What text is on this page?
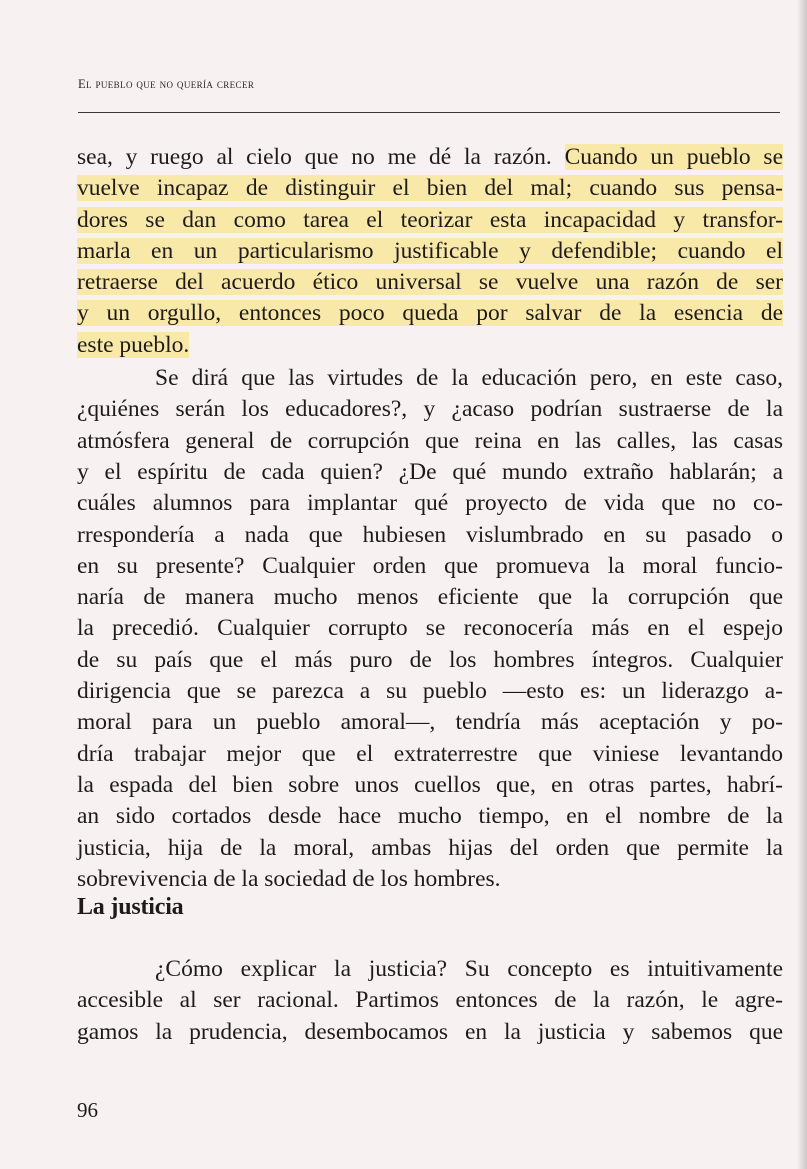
El pueblo que no quería crecer
sea, y ruego al cielo que no me dé la razón. Cuando un pueblo se
vuelve incapaz de distinguir el bien del mal; cuando sus pensa-
dores se dan como tarea el teorizar esta incapacidad y transfor-
marla en un particularismo justificable y defendible; cuando el
retraerse del acuerdo ético universal se vuelve una razón de ser
y un orgullo, entonces poco queda por salvar de la esencia de
este pueblo.
Se dirá que las virtudes de la educación pero, en este caso,
¿quiénes serán los educadores?, y ¿acaso podrían sustraerse de la
atmósfera general de corrupción que reina en las calles, las casas
y el espíritu de cada quien? ¿De qué mundo extraño hablarán; a
cuáles alumnos para implantar qué proyecto de vida que no co-
rrespondería a nada que hubiesen vislumbrado en su pasado o
en su presente? Cualquier orden que promueva la moral funcio-
naría de manera mucho menos eficiente que la corrupción que
la precedió. Cualquier corrupto se reconocería más en el espejo
de su país que el más puro de los hombres íntegros. Cualquier
dirigencia que se parezca a su pueblo —esto es: un liderazgo a-
moral para un pueblo amoral—, tendría más aceptación y po-
dría trabajar mejor que el extraterrestre que viniese levantando
la espada del bien sobre unos cuellos que, en otras partes, habrí-
an sido cortados desde hace mucho tiempo, en el nombre de la
justicia, hija de la moral, ambas hijas del orden que permite la
sobrevivencia de la sociedad de los hombres.
La justicia
¿Cómo explicar la justicia? Su concepto es intuitivamente
accesible al ser racional. Partimos entonces de la razón, le agre-
gamos la prudencia, desembocamos en la justicia y sabemos que
96
